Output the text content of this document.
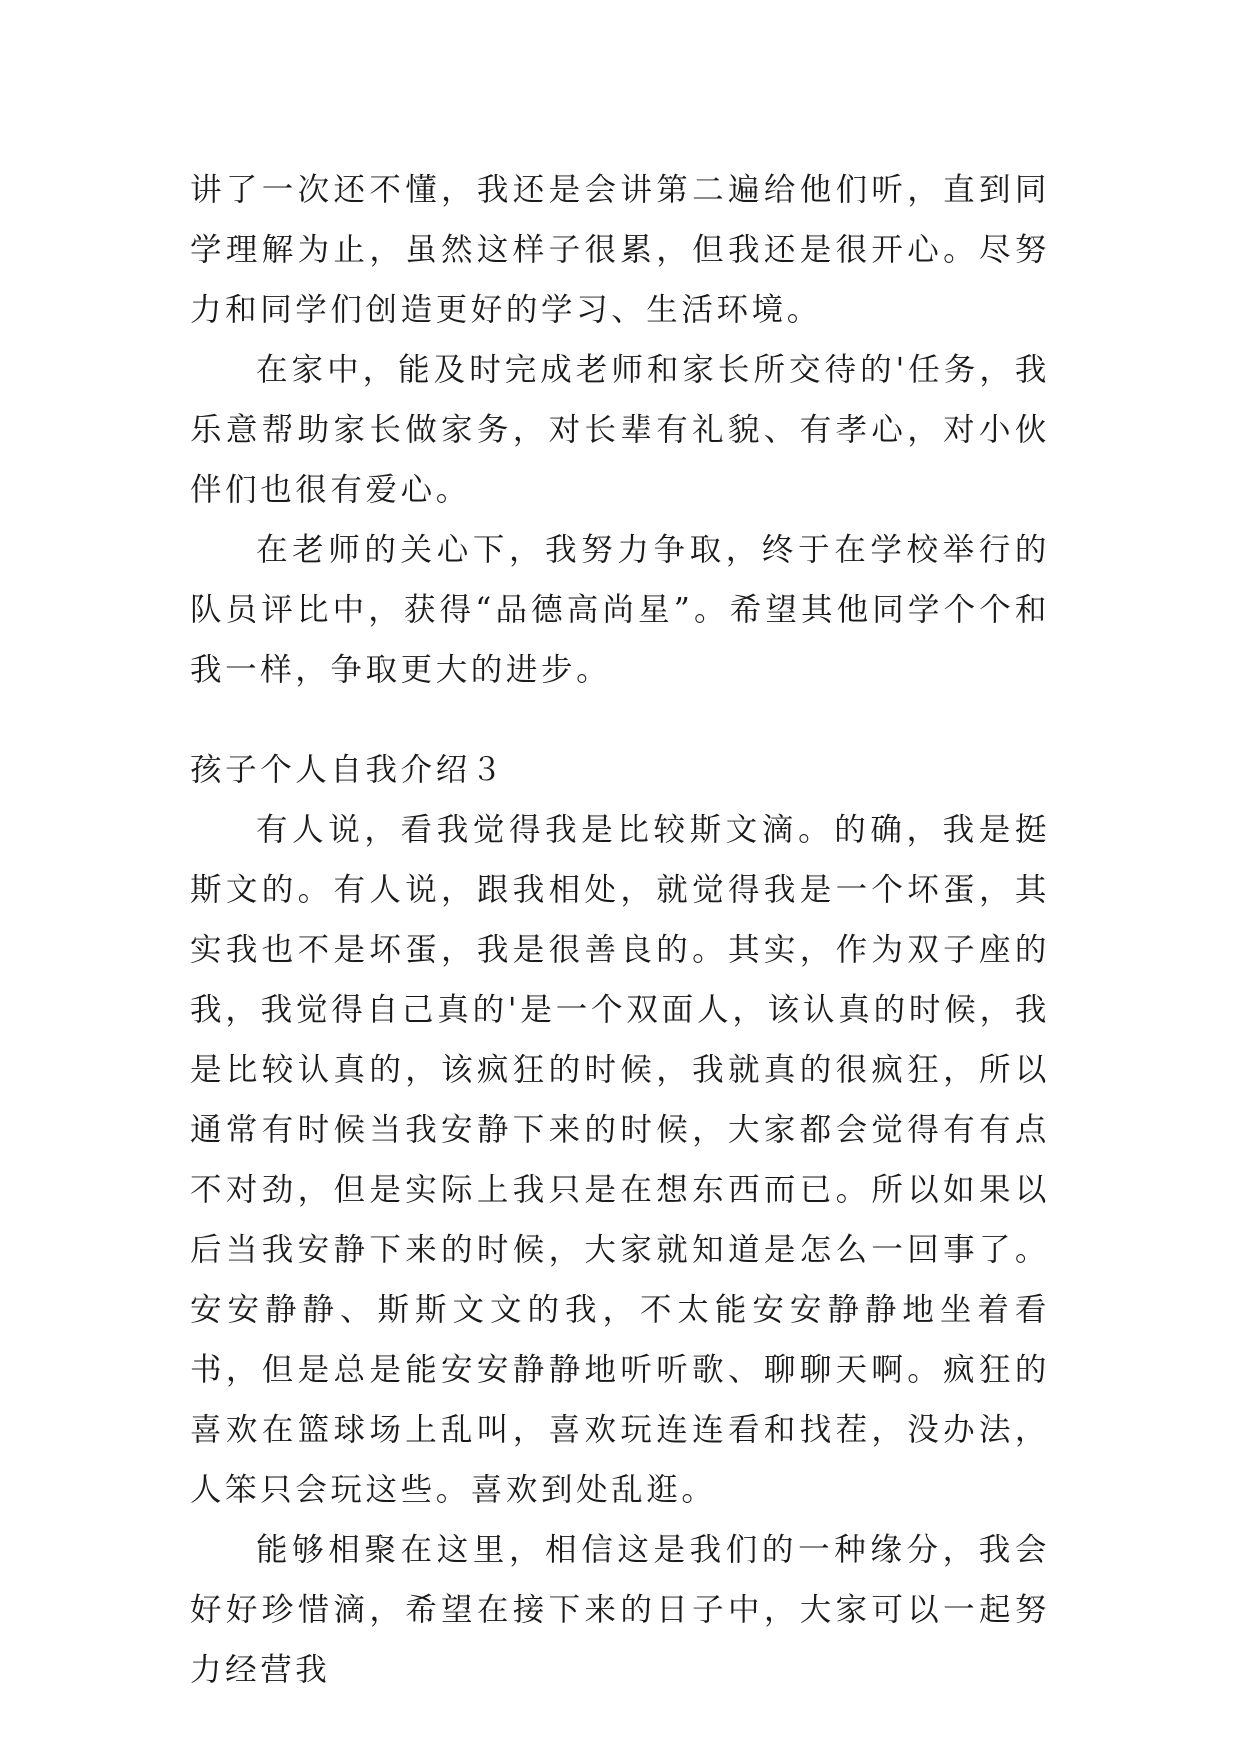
讲了一次还不懂，我还是会讲第二遍给他们听，直到同学理解为止，虽然这样子很累，但我还是很开心。尽努力和同学们创造更好的学习、生活环境。

在家中，能及时完成老师和家长所交待的'任务，我乐意帮助家长做家务，对长辈有礼貌、有孝心，对小伙伴们也很有爱心。

在老师的关心下，我努力争取，终于在学校举行的队员评比中，获得“品德高尚星”。希望其他同学个个和我一样，争取更大的进步。

孩子个人自我介绍３

有人说，看我觉得我是比较斯文滴。的确，我是挺斯文的。有人说，跟我相处，就觉得我是一个坏蛋，其实我也不是坏蛋，我是很善良的。其实，作为双子座的我，我觉得自己真的'是一个双面人，该认真的时候，我是比较认真的，该疯狂的时候，我就真的很疯狂，所以通常有时候当我安静下来的时候，大家都会觉得有有点不对劲，但是实际上我只是在想东西而已。所以如果以后当我安静下来的时候，大家就知道是怎么一回事了。安安静静、斯斯文文的我，不太能安安静静地坐着看书，但是总是能安安静静地听听歌、聊聊天啊。疯狂的喜欢在篮球场上乱叫，喜欢玩连连看和找茬，没办法，人笨只会玩这些。喜欢到处乱逛。

能够相聚在这里，相信这是我们的一种缘分，我会好好珍惜滴，希望在接下来的日子中，大家可以一起努力经营我
